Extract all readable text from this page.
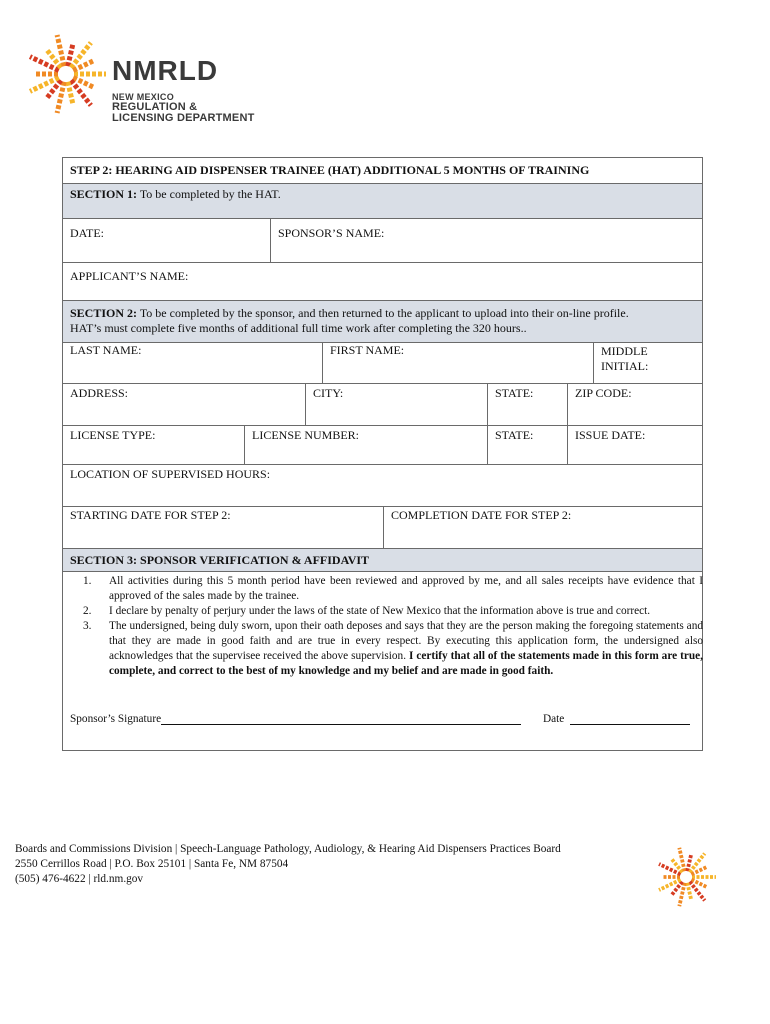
NMRLD
NEW MEXICO
REGULATION &
LICENSING DEPARTMENT
STEP 2: HEARING AID DISPENSER TRAINEE (HAT) ADDITIONAL 5 MONTHS OF TRAINING
SECTION 1: To be completed by the HAT.
DATE:	SPONSOR’S NAME:
APPLICANT’S NAME:
SECTION 2: To be completed by the sponsor, and then returned to the applicant to upload into their on-line profile.
HAT’s must complete five months of additional full time work after completing the 320 hours..
LAST NAME:	FIRST NAME:	MIDDLE
INITIAL:
ADDRESS:	CITY:	STATE:	ZIP CODE:
LICENSE TYPE:	LICENSE NUMBER:	STATE:	ISSUE DATE:
LOCATION OF SUPERVISED HOURS:
STARTING DATE FOR STEP 2:	COMPLETION DATE FOR STEP 2:
SECTION 3: SPONSOR VERIFICATION & AFFIDAVIT
1.	All activities during this 5 month period have been reviewed and approved by me, and all sales receipts have evidence that I approved of the sales made by the trainee.
2.	I declare by penalty of perjury under the laws of the state of New Mexico that the information above is true and correct.
3.	The undersigned, being duly sworn, upon their oath deposes and says that they are the person making the foregoing statements and that they are made in good faith and are true in every respect. By executing this application form, the undersigned also acknowledges that the supervisee received the above supervision. I certify that all of the statements made in this form are true, complete, and correct to the best of my knowledge and my belief and are made in good faith.
Sponsor’s Signature	Date
Boards and Commissions Division | Speech-Language Pathology, Audiology, & Hearing Aid Dispensers Practices Board
2550 Cerrillos Road | P.O. Box 25101 | Santa Fe, NM 87504
(505) 476-4622 | rld.nm.gov
